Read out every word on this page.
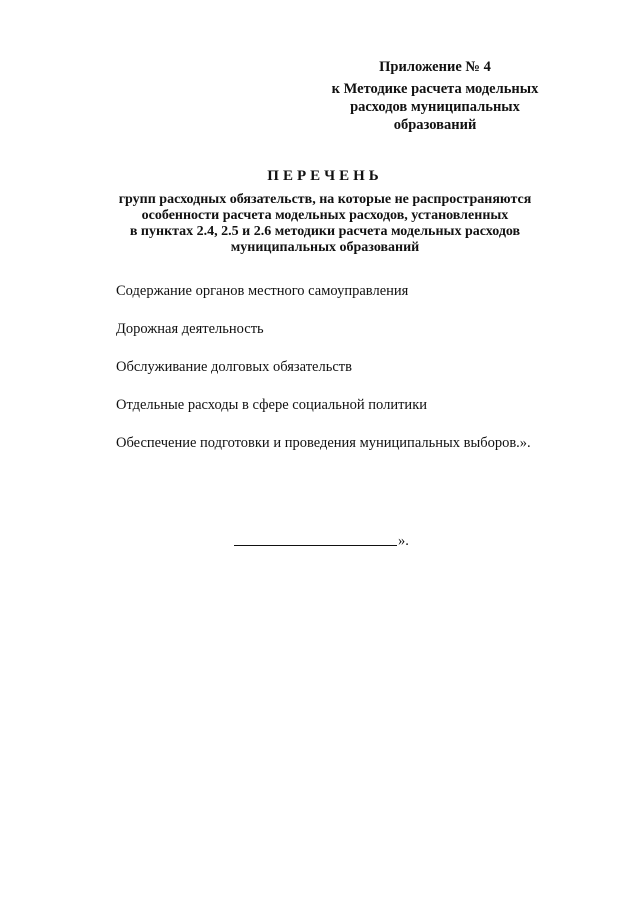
Приложение № 4
к Методике расчета модельных
расходов муниципальных
образований
ПЕРЕЧЕНЬ
групп расходных обязательств, на которые не распространяются
особенности расчета модельных расходов, установленных
в пунктах 2.4, 2.5 и 2.6 методики расчета модельных расходов
муниципальных образований
Содержание органов местного самоуправления
Дорожная деятельность
Обслуживание долговых обязательств
Отдельные расходы в сфере социальной политики
Обеспечение подготовки и проведения муниципальных выборов.».
».
